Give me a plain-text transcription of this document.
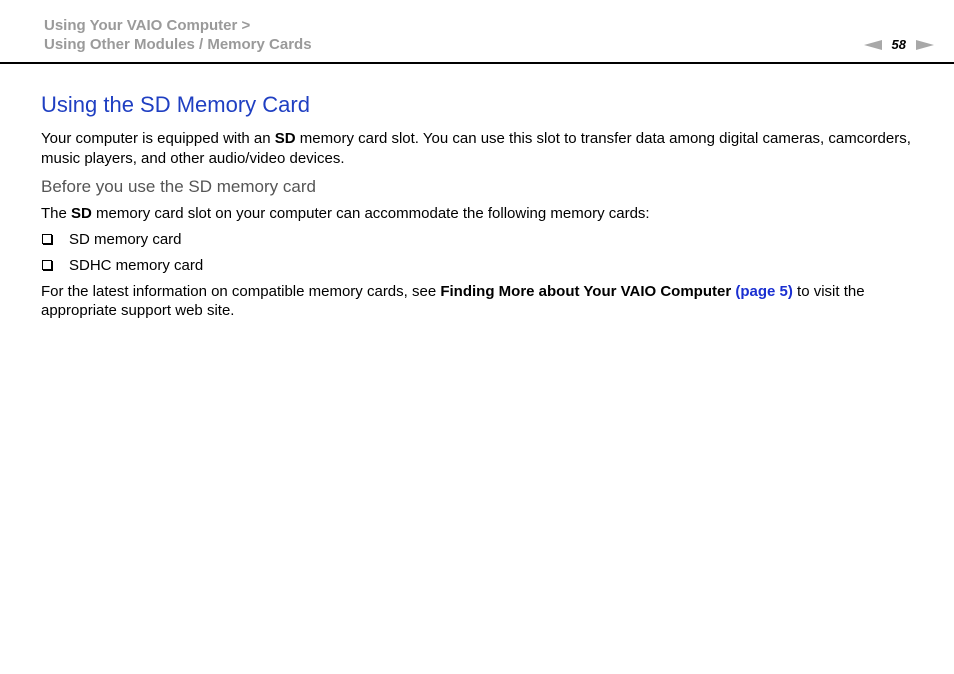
Using Your VAIO Computer >
Using Other Modules / Memory Cards	58
Using the SD Memory Card

Your computer is equipped with an SD memory card slot. You can use this slot to transfer data among digital cameras, camcorders, music players, and other audio/video devices.

Before you use the SD memory card

The SD memory card slot on your computer can accommodate the following memory cards:

SD memory card
SDHC memory card

For the latest information on compatible memory cards, see Finding More about Your VAIO Computer (page 5) to visit the appropriate support web site.
